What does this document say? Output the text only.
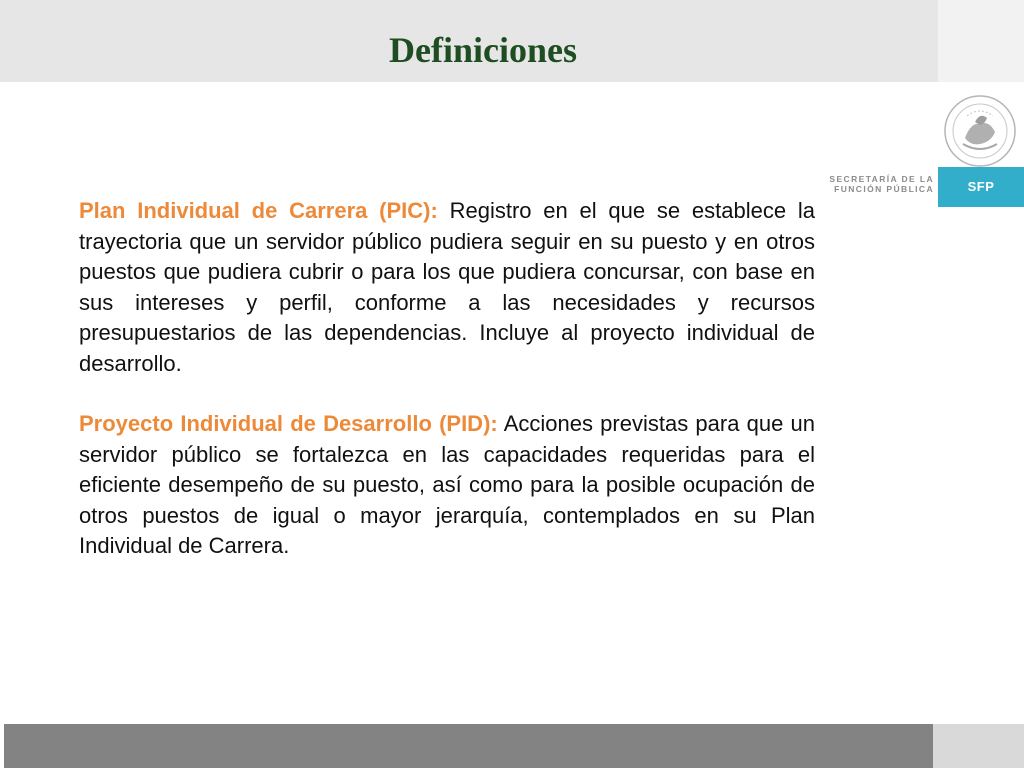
Definiciones
ESTADOS UNIDOS MEXICANOS
SECRETARÍA DE LA
FUNCIÓN PÚBLICA	SFP

Plan Individual de Carrera (PIC): Registro en el que se establece la trayectoria que un servidor público pudiera seguir en su puesto y en otros puestos que pudiera cubrir o para los que pudiera concursar, con base en sus intereses y perfil, conforme a las necesidades y recursos presupuestarios de las dependencias. Incluye al proyecto individual de desarrollo.

Proyecto Individual de Desarrollo (PID): Acciones previstas para que un servidor público se fortalezca en las capacidades requeridas para el eficiente desempeño de su puesto, así como para la posible ocupación de otros puestos de igual o mayor jerarquía, contemplados en su Plan Individual de Carrera.
